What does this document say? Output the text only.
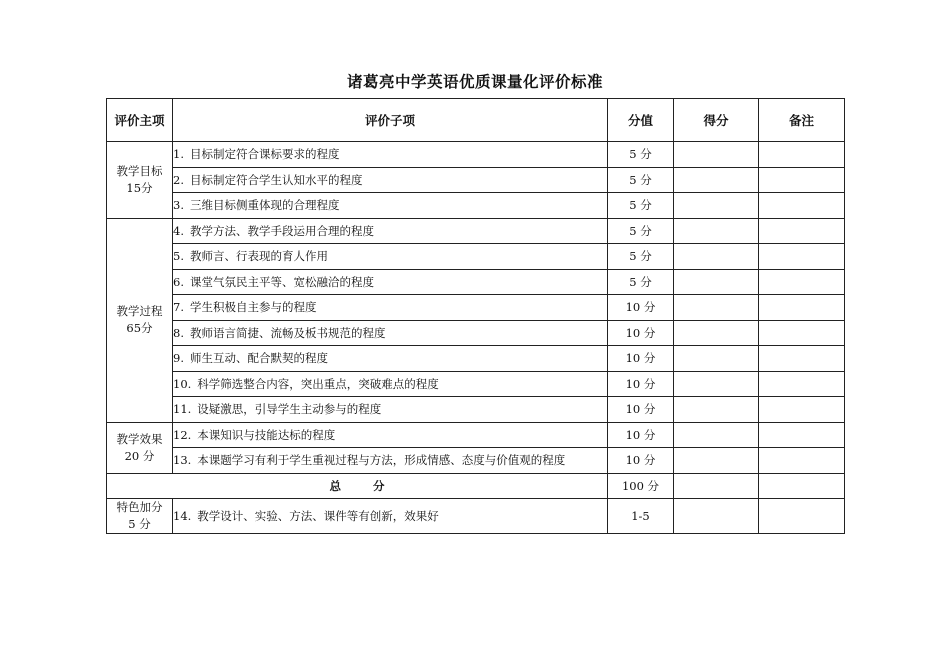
诸葛亮中学英语优质课量化评价标准
评价主项	评价子项	分值	得分	备注

教学目标
15分	1. 目标制定符合课标要求的程度	5 分		
	2. 目标制定符合学生认知水平的程度	5 分		
	3. 三维目标侧重体现的合理程度	5 分		

教学过程
65分	4. 教学方法、教学手段运用合理的程度	5 分		
	5. 教师言、行表现的育人作用	5 分		
	6. 课堂气氛民主平等、宽松融洽的程度	5 分		
	7. 学生积极自主参与的程度	10 分		
	8. 教师语言简捷、流畅及板书规范的程度	10 分		
	9. 师生互动、配合默契的程度	10 分		
	10. 科学筛选整合内容，突出重点，突破难点的程度	10 分		
	11. 设疑激思，引导学生主动参与的程度	10 分		

教学效果
20 分	12. 本课知识与技能达标的程度	10 分		
	13. 本课题学习有利于学生重视过程与方法，形成情感、态度与价值观的程度	10 分		
总 分		100 分		

特色加分
5 分	14. 教学设计、实验、方法、课件等有创新，效果好	1-5		
